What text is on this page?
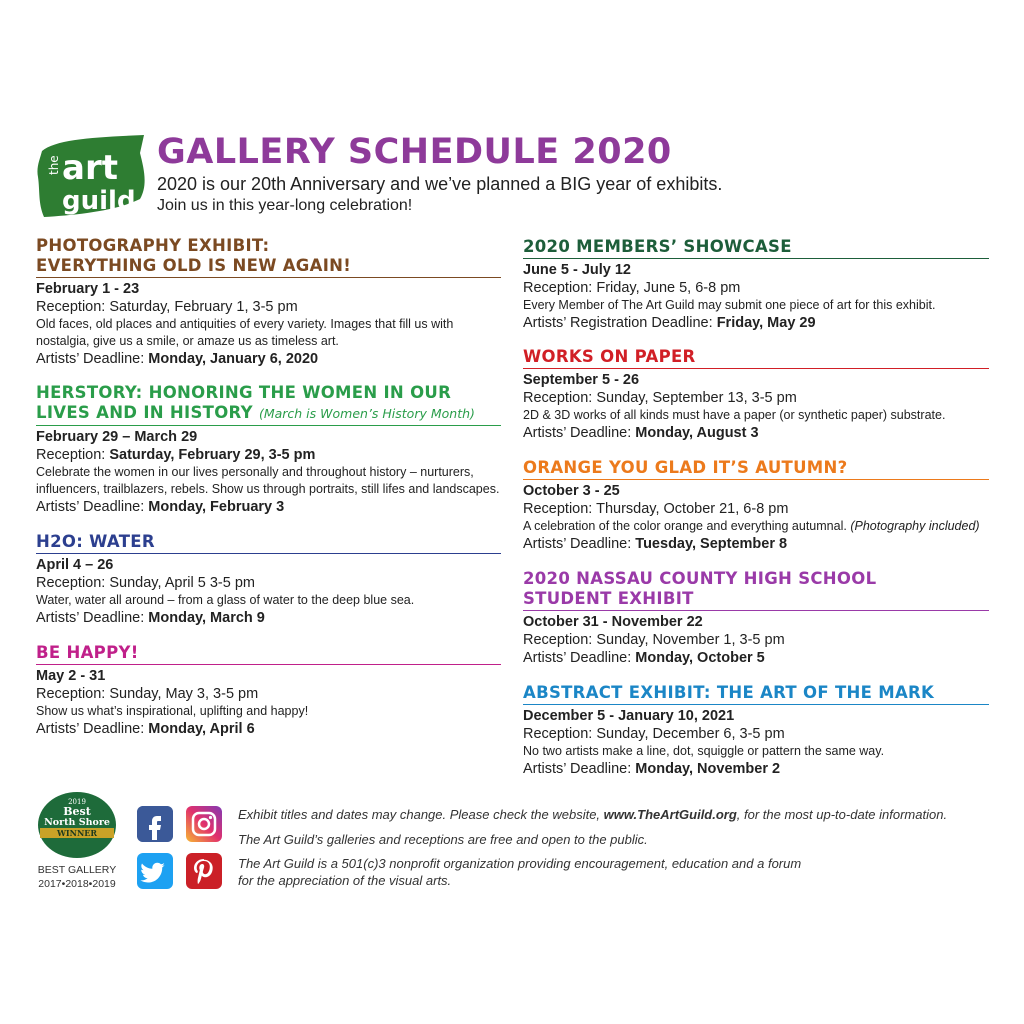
the art
guild
GALLERY SCHEDULE 2020
2020 is our 20th Anniversary and we’ve planned a BIG year of exhibits.
Join us in this year-long celebration!
PHOTOGRAPHY EXHIBIT:
EVERYTHING OLD IS NEW AGAIN!
February 1 - 23
Reception: Saturday, February 1, 3-5 pm
Old faces, old places and antiquities of every variety. Images that fill us with
nostalgia, give us a smile, or amaze us as timeless art.
Artists’ Deadline: Monday, January 6, 2020
HERSTORY: HONORING THE WOMEN IN OUR
LIVES AND IN HISTORY (March is Women’s History Month)
February 29 – March 29
Reception: Saturday, February 29, 3-5 pm
Celebrate the women in our lives personally and throughout history – nurturers,
influencers, trailblazers, rebels. Show us through portraits, still lifes and landscapes.
Artists’ Deadline: Monday, February 3
H2O: WATER
April 4 – 26
Reception: Sunday, April 5 3-5 pm
Water, water all around – from a glass of water to the deep blue sea.
Artists’ Deadline: Monday, March 9
BE HAPPY!
May 2 - 31
Reception: Sunday, May 3, 3-5 pm
Show us what’s inspirational, uplifting and happy!
Artists’ Deadline: Monday, April 6
2020 MEMBERS’ SHOWCASE
June 5 - July 12
Reception: Friday, June 5, 6-8 pm
Every Member of The Art Guild may submit one piece of art for this exhibit.
Artists’ Registration Deadline: Friday, May 29
WORKS ON PAPER
September 5 - 26
Reception: Sunday, September 13, 3-5 pm
2D & 3D works of all kinds must have a paper (or synthetic paper) substrate.
Artists’ Deadline: Monday, August 3
ORANGE YOU GLAD IT’S AUTUMN?
October 3 - 25
Reception: Thursday, October 21, 6-8 pm
A celebration of the color orange and everything autumnal. (Photography included)
Artists’ Deadline: Tuesday, September 8
2020 NASSAU COUNTY HIGH SCHOOL
STUDENT EXHIBIT
October 31 - November 22
Reception: Sunday, November 1, 3-5 pm
Artists’ Deadline: Monday, October 5
ABSTRACT EXHIBIT: THE ART OF THE MARK
December 5 - January 10, 2021
Reception: Sunday, December 6, 3-5 pm
No two artists make a line, dot, squiggle or pattern the same way.
Artists’ Deadline: Monday, November 2
2019
Best
North Shore
WINNER
BEST GALLERY
2017•2018•2019
Exhibit titles and dates may change. Please check the website, www.TheArtGuild.org, for the most up-to-date information.
The Art Guild’s galleries and receptions are free and open to the public.
The Art Guild is a 501(c)3 nonprofit organization providing encouragement, education and a forum
for the appreciation of the visual arts.
